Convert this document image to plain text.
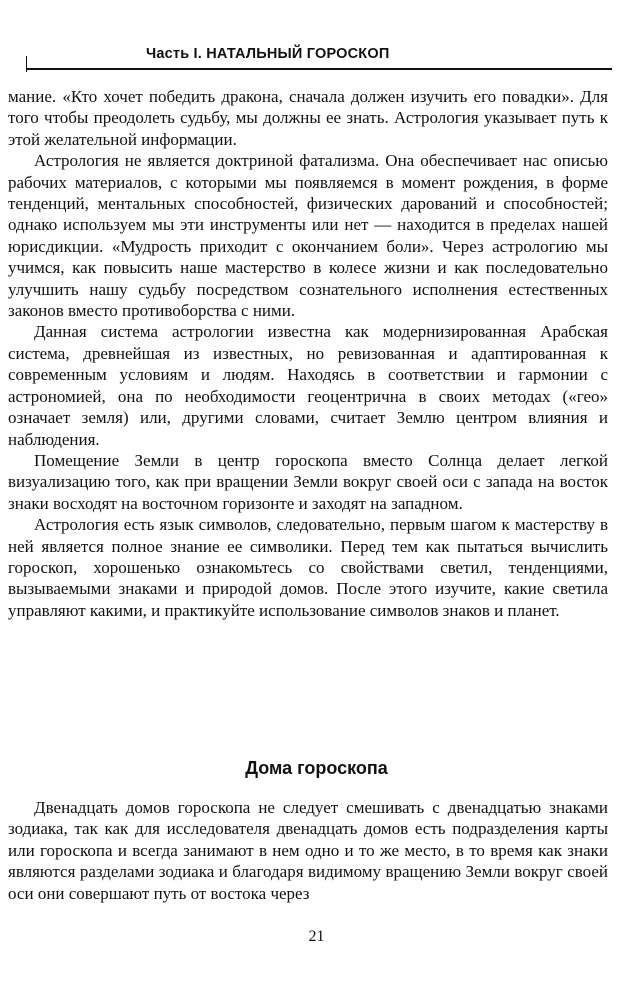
Часть I. НАТАЛЬНЫЙ ГОРОСКОП

мание. «Кто хочет победить дракона, сначала должен изучить его повадки». Для того чтобы преодолеть судьбу, мы должны ее знать. Астрология указывает путь к этой желательной информации.

Астрология не является доктриной фатализма. Она обеспечивает нас описью рабочих материалов, с которыми мы появляемся в момент рождения, в форме тенденций, ментальных способностей, физических дарований и способностей; однако используем мы эти инструменты или нет — находится в пределах нашей юрисдикции. «Мудрость приходит с окончанием боли». Через астрологию мы учимся, как повысить наше мастерство в колесе жизни и как последовательно улучшить нашу судьбу посредством сознательного исполнения естественных законов вместо противоборства с ними.

Данная система астрологии известна как модернизированная Арабская система, древнейшая из известных, но ревизованная и адаптированная к современным условиям и людям. Находясь в соответствии и гармонии с астрономией, она по необходимости геоцентрична в своих методах («гео» означает земля) или, другими словами, считает Землю центром влияния и наблюдения.

Помещение Земли в центр гороскопа вместо Солнца делает легкой визуализацию того, как при вращении Земли вокруг своей оси с запада на восток знаки восходят на восточном горизонте и заходят на западном.

Астрология есть язык символов, следовательно, первым шагом к мастерству в ней является полное знание ее символики. Перед тем как пытаться вычислить гороскоп, хорошенько ознакомьтесь со свойствами светил, тенденциями, вызываемыми знаками и природой домов. После этого изучите, какие светила управляют какими, и практикуйте использование символов знаков и планет.

Дома гороскопа

Двенадцать домов гороскопа не следует смешивать с двенадцатью знаками зодиака, так как для исследователя двенадцать домов есть подразделения карты или гороскопа и всегда занимают в нем одно и то же место, в то время как знаки являются разделами зодиака и благодаря видимому вращению Земли вокруг своей оси они совершают путь от востока через

21
